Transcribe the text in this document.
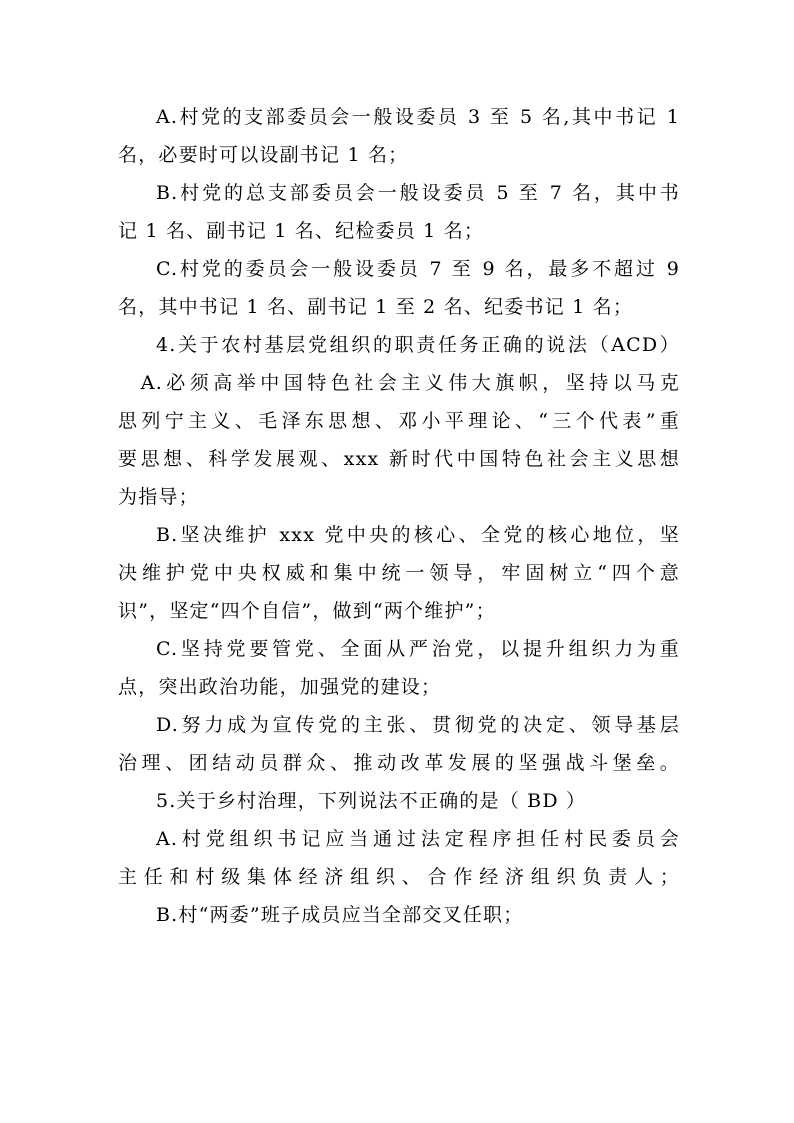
A.村党的支部委员会一般设委员 3 至 5 名,其中书记 1
名，必要时可以设副书记 1 名；
B.村党的总支部委员会一般设委员 5 至 7 名，其中书
记 1 名、副书记 1 名、纪检委员 1 名；
C.村党的委员会一般设委员 7 至 9 名，最多不超过 9
名，其中书记 1 名、副书记 1 至 2 名、纪委书记 1 名；
4.关于农村基层党组织的职责任务正确的说法（ACD）
A.必须高举中国特色社会主义伟大旗帜，坚持以马克
思列宁主义、毛泽东思想、邓小平理论、“三个代表”重
要思想、科学发展观、xxx 新时代中国特色社会主义思想
为指导；
B.坚决维护 xxx 党中央的核心、全党的核心地位，坚
决维护党中央权威和集中统一领导，牢固树立“四个意
识”，坚定“四个自信”，做到“两个维护”；
C.坚持党要管党、全面从严治党，以提升组织力为重
点，突出政治功能，加强党的建设；
D.努力成为宣传党的主张、贯彻党的决定、领导基层
治理、团结动员群众、推动改革发展的坚强战斗堡垒。
5.关于乡村治理，下列说法不正确的是（ BD ）
A.村党组织书记应当通过法定程序担任村民委员会
主任和村级集体经济组织、合作经济组织负责人；
B.村“两委”班子成员应当全部交叉任职；
